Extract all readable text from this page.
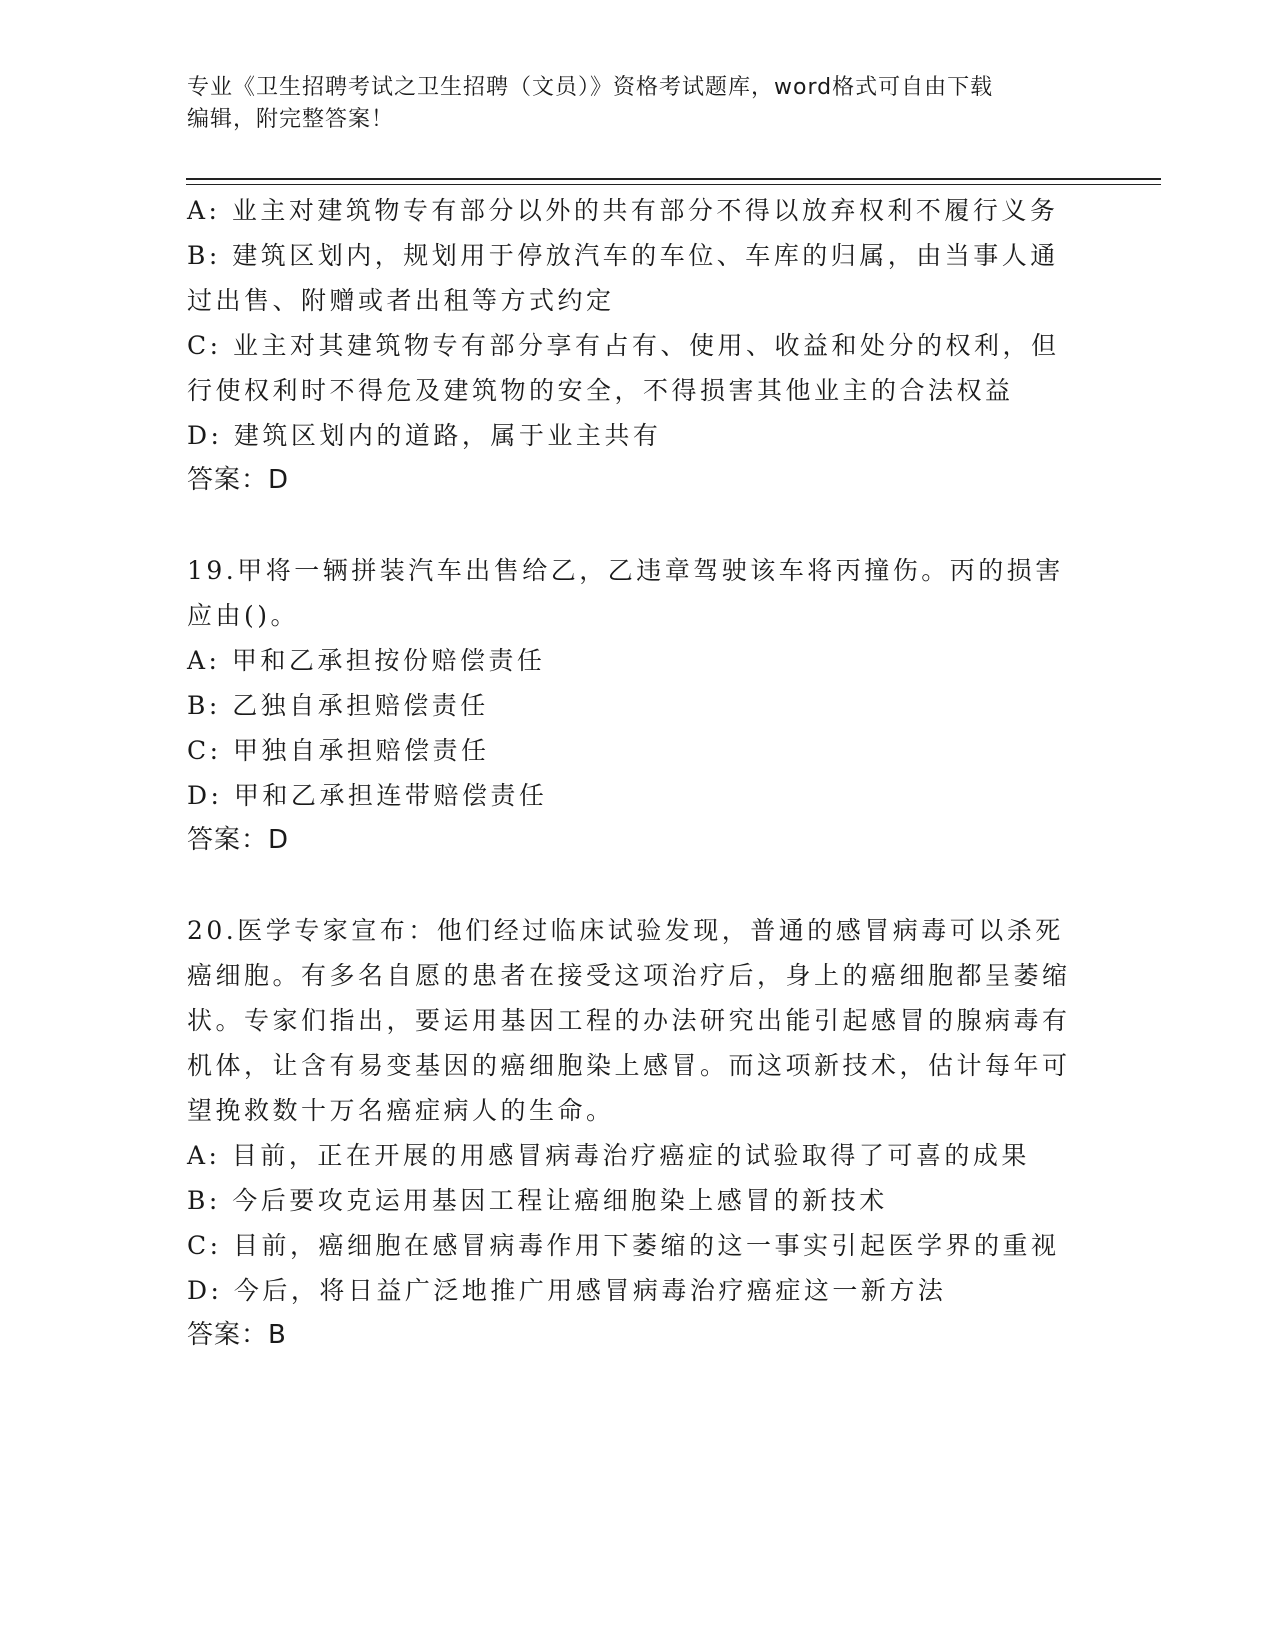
专业《卫生招聘考试之卫生招聘（文员）》资格考试题库，word格式可自由下载
编辑，附完整答案！

A: 业主对建筑物专有部分以外的共有部分不得以放弃权利不履行义务

B: 建筑区划内，规划用于停放汽车的车位、车库的归属，由当事人通过出售、附赠或者出租等方式约定

C: 业主对其建筑物专有部分享有占有、使用、收益和处分的权利，但行使权利时不得危及建筑物的安全，不得损害其他业主的合法权益

D: 建筑区划内的道路，属于业主共有

答案：D

19.甲将一辆拼装汽车出售给乙，乙违章驾驶该车将丙撞伤。丙的损害应由()。

A: 甲和乙承担按份赔偿责任

B: 乙独自承担赔偿责任

C: 甲独自承担赔偿责任

D: 甲和乙承担连带赔偿责任

答案：D

20.医学专家宣布：他们经过临床试验发现，普通的感冒病毒可以杀死癌细胞。有多名自愿的患者在接受这项治疗后，身上的癌细胞都呈萎缩状。专家们指出，要运用基因工程的办法研究出能引起感冒的腺病毒有机体，让含有易变基因的癌细胞染上感冒。而这项新技术，估计每年可望挽救数十万名癌症病人的生命。

A: 目前，正在开展的用感冒病毒治疗癌症的试验取得了可喜的成果

B: 今后要攻克运用基因工程让癌细胞染上感冒的新技术

C: 目前，癌细胞在感冒病毒作用下萎缩的这一事实引起医学界的重视

D: 今后，将日益广泛地推广用感冒病毒治疗癌症这一新方法

答案：B
